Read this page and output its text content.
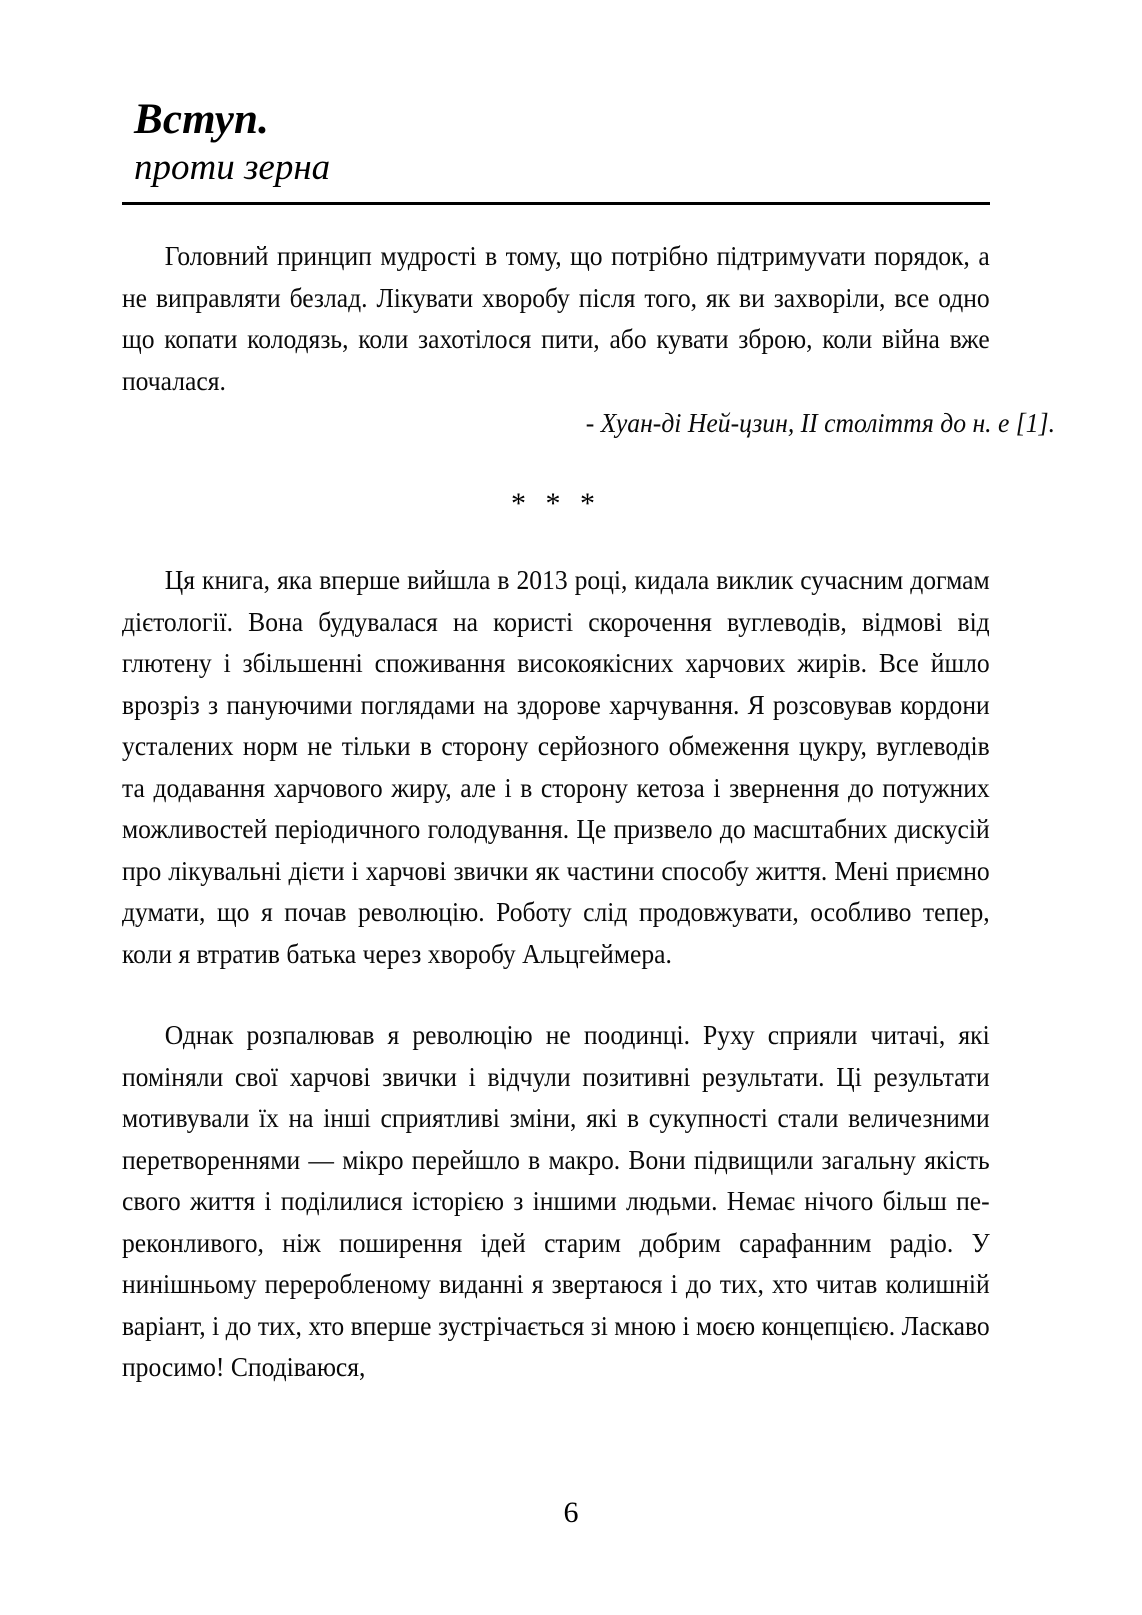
Вступ.
проти зерна

Головний принцип мудрості в тому, що потрібно підтримуvати порядок, а не виправляти безлад. Лікувати хворобу після того, як ви захворіли, все одно що копати колодязь, коли захотілося пити, або кувати зброю, коли війна вже почалася.

- Хуан-ді Ней-цзин, ІІ століття до н. е [1].

* * *

Ця книга, яка вперше вийшла в 2013 році, кидала виклик сучасним догмам дієтології. Вона будувалася на користі скорочення вуглеводів, відмові від глютену і збільшенні споживання високоякісних харчових жирів. Все йшло врозріз з пануючими поглядами на здорове харчування. Я розсовував кордони усталених норм не тільки в сторону серйозного обмеження цукру, вуглеводів та додавання харчового жиру, але і в сторону кетоза і звернення до потужних можливостей періодичного голодування. Це призвело до масштабних дискусій про лікувальні дієти і харчові звички як частини способу життя. Мені приємно думати, що я почав революцію. Роботу слід продовжувати, особливо тепер, коли я втратив батька через хворобу Альцгеймера.

Однак розпалював я революцію не поодинці. Руху сприяли читачі, які поміняли свої харчові звички і відчули позитивні результати. Ці результати мотивували їх на інші сприятливі зміни, які в сукупності стали величезними перетвореннями — мікро перейшло в макро. Вони підвищили загальну якість свого життя і поділилися історією з іншими людьми. Немає нічого більш переконливого, ніж поширення ідей старим добрим сарафанним радіо. У нинішньому переробленому виданні я звертаюся і до тих, хто читав колишній варіант, і до тих, хто вперше зустрічається зі мною і моєю концепцією. Ласкаво просимо! Сподіваюся,

6
